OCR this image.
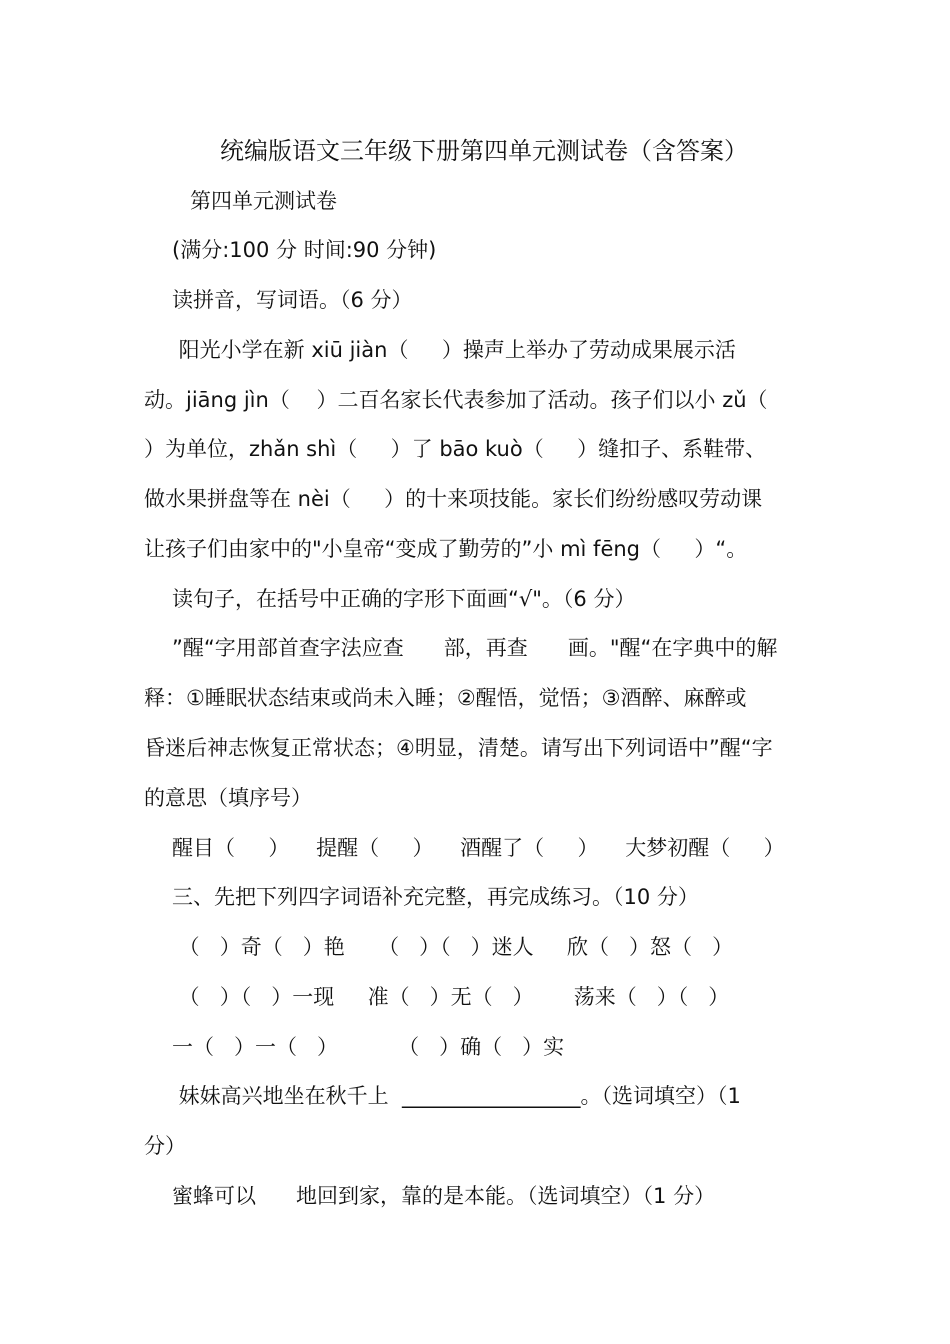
统编版语文三年级下册第四单元测试卷（含答案）
第四单元测试卷
(满分:100 分 时间:90 分钟)
读拼音，写词语。（6 分）
阳光小学在新 xiū jiàn（     ）操声上举办了劳动成果展示活
动。jiāng jìn（    ）二百名家长代表参加了活动。孩子们以小 zǔ（
）为单位，zhǎn shì（     ）了 bāo kuò（     ）缝扣子、系鞋带、
做水果拼盘等在 nèi（     ）的十来项技能。家长们纷纷感叹劳动课
让孩子们由家中的"小皇帝“变成了勤劳的”小 mì fēng（     ）“。
读句子，在括号中正确的字形下面画“√"。（6 分）
”醒“字用部首查字法应查      部，再查      画。"醒“在字典中的解
释：①睡眠状态结束或尚未入睡；②醒悟，觉悟；③酒醉、麻醉或
昏迷后神志恢复正常状态；④明显，清楚。请写出下列词语中”醒“字
的意思（填序号）
醒目（     ）    提醒（     ）    酒醒了（     ）    大梦初醒（     ）
三、先把下列四字词语补充完整，再完成练习。（10 分）
（   ）奇（   ）艳     （   ）（   ）迷人     欣（   ）怒（   ）
（   ）（   ）一现     准（   ）无（   ）      荡来（   ）（   ）
一（   ）一（   ）         （   ）确（   ）实
妹妹高兴地坐在秋千上  _________________。（选词填空）（1
分）
蜜蜂可以      地回到家，靠的是本能。（选词填空）（1 分）
